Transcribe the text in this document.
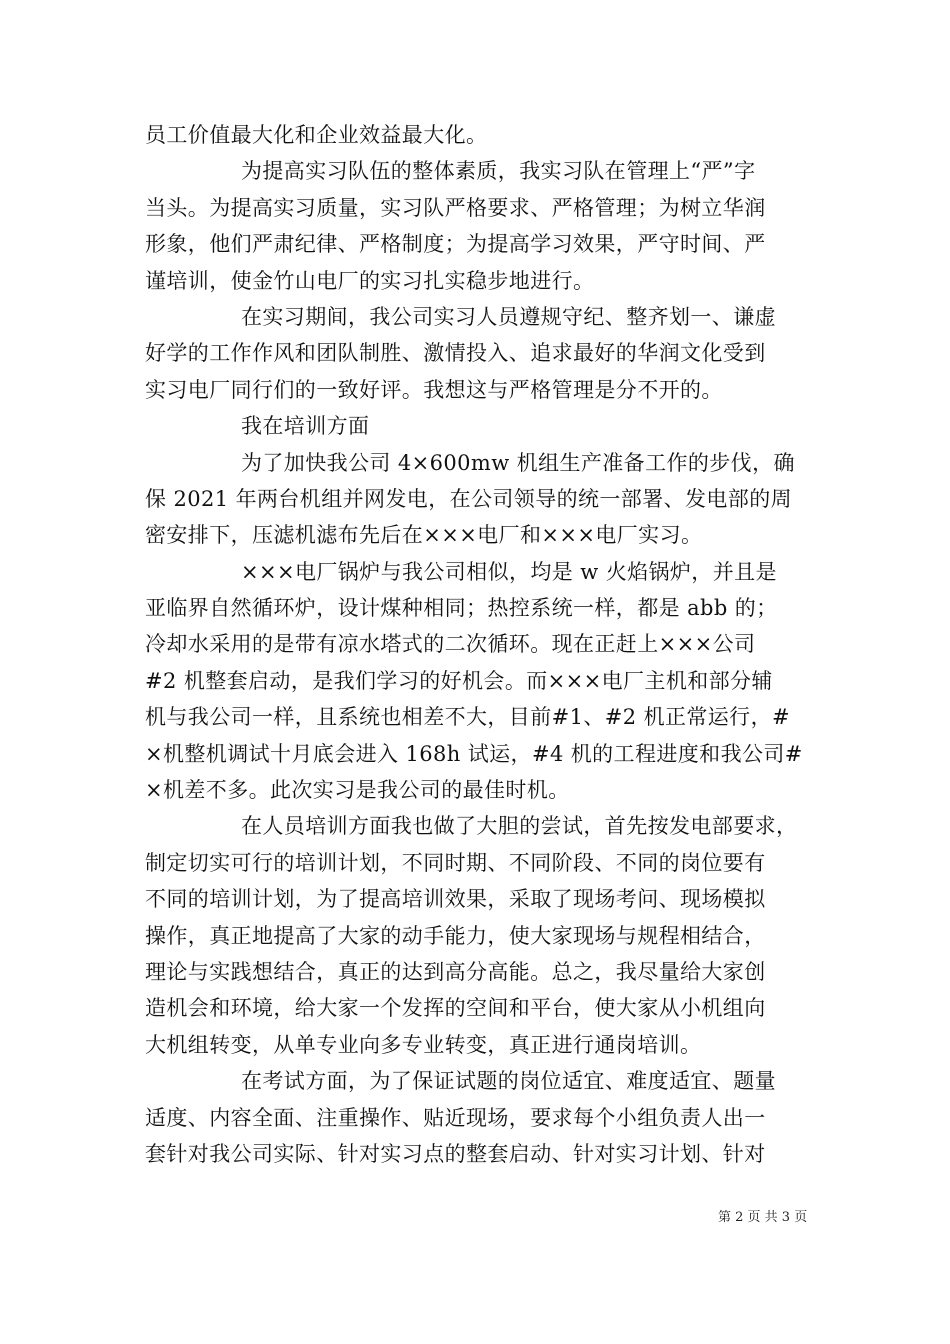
员工价值最大化和企业效益最大化。
为提高实习队伍的整体素质，我实习队在管理上“严”字
当头。为提高实习质量，实习队严格要求、严格管理；为树立华润
形象，他们严肃纪律、严格制度；为提高学习效果，严守时间、严
谨培训，使金竹山电厂的实习扎实稳步地进行。
在实习期间，我公司实习人员遵规守纪、整齐划一、谦虚
好学的工作作风和团队制胜、激情投入、追求最好的华润文化受到
实习电厂同行们的一致好评。我想这与严格管理是分不开的。
我在培训方面
为了加快我公司 4×600mw 机组生产准备工作的步伐，确
保 2021 年两台机组并网发电，在公司领导的统一部署、发电部的周
密安排下，压滤机滤布先后在×××电厂和×××电厂实习。
×××电厂锅炉与我公司相似，均是 w 火焰锅炉，并且是
亚临界自然循环炉，设计煤种相同；热控系统一样，都是 abb 的；
冷却水采用的是带有凉水塔式的二次循环。现在正赶上×××公司
#2 机整套启动，是我们学习的好机会。而×××电厂主机和部分辅
机与我公司一样，且系统也相差不大，目前#1、#2 机正常运行，#
×机整机调试十月底会进入 168h 试运，#4 机的工程进度和我公司#
×机差不多。此次实习是我公司的最佳时机。
在人员培训方面我也做了大胆的尝试，首先按发电部要求，
制定切实可行的培训计划，不同时期、不同阶段、不同的岗位要有
不同的培训计划，为了提高培训效果，采取了现场考问、现场模拟
操作，真正地提高了大家的动手能力，使大家现场与规程相结合，
理论与实践想结合，真正的达到高分高能。总之，我尽量给大家创
造机会和环境，给大家一个发挥的空间和平台，使大家从小机组向
大机组转变，从单专业向多专业转变，真正进行通岗培训。
在考试方面，为了保证试题的岗位适宜、难度适宜、题量
适度、内容全面、注重操作、贴近现场，要求每个小组负责人出一
套针对我公司实际、针对实习点的整套启动、针对实习计划、针对
第 2 页 共 3 页
